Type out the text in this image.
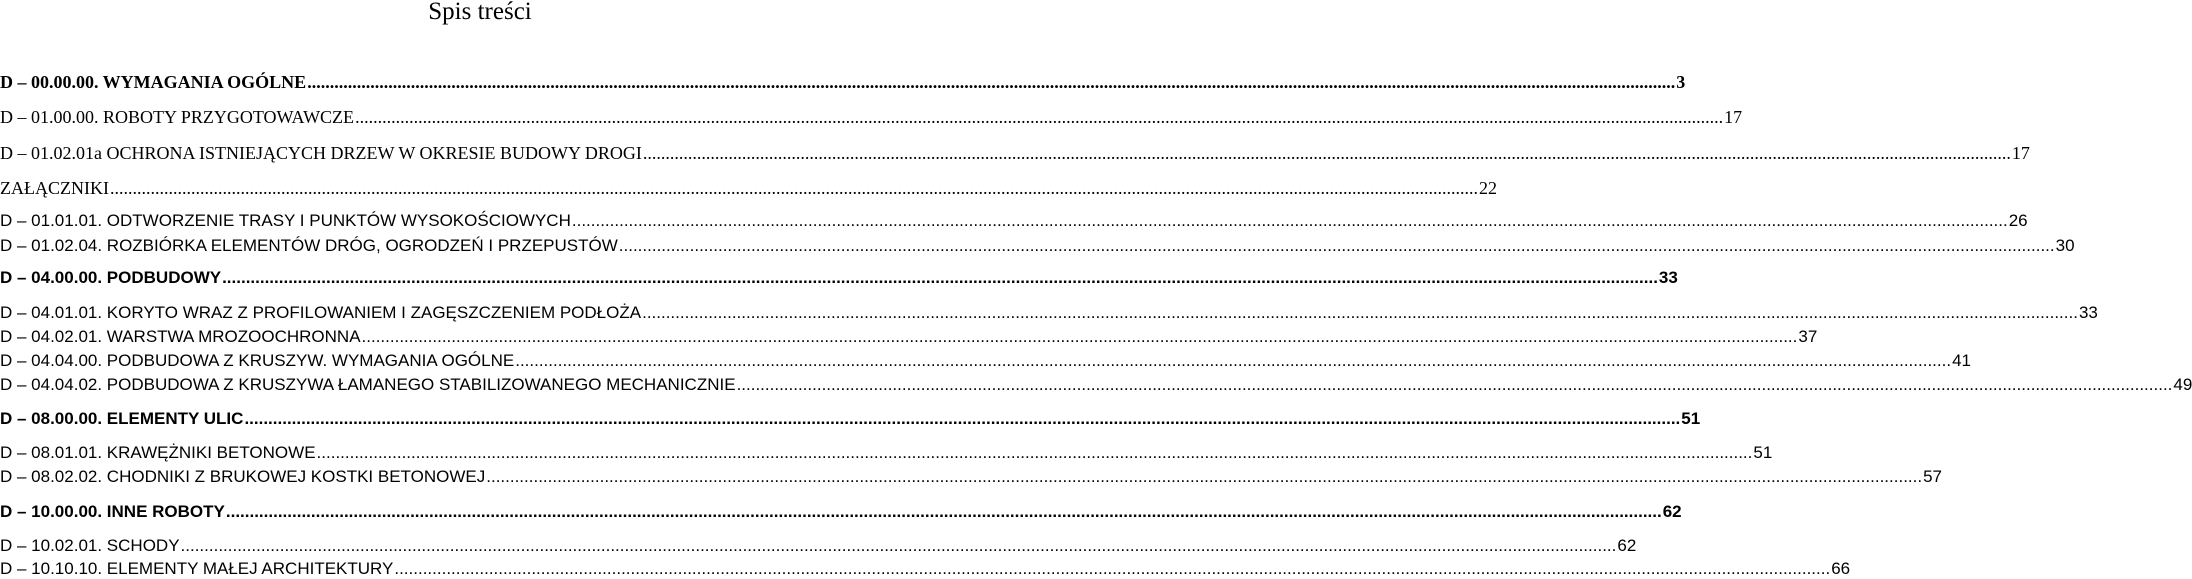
Spis treści
D – 00.00.00. WYMAGANIA OGÓLNE .....	3
D – 01.00.00. ROBOTY PRZYGOTOWAWCZE .....	17
D – 01.02.01a OCHRONA ISTNIEJĄCYCH DRZEW W OKRESIE BUDOWY DROGI .....	17
ZAŁĄCZNIKI .....	22
D – 01.01.01. ODTWORZENIE TRASY I PUNKTÓW WYSOKOŚCIOWYCH .....	26
D – 01.02.04. ROZBIÓRKA ELEMENTÓW DRÓG, OGRODZEŃ I PRZEPUSTÓW .....	30
D – 04.00.00. PODBUDOWY .....	33
D – 04.01.01. KORYTO WRAZ Z PROFILOWANIEM I ZAGĘSZCZENIEM PODŁOŻA .....	33
D – 04.02.01. WARSTWA MROZOOCHRONNA .....	37
D – 04.04.00. PODBUDOWA Z KRUSZYW. WYMAGANIA OGÓLNE .....	41
D – 04.04.02. PODBUDOWA Z KRUSZYWA ŁAMANEGO STABILIZOWANEGO MECHANICZNIE .....	49
D – 08.00.00. ELEMENTY ULIC .....	51
D – 08.01.01. KRAWĘŻNIKI BETONOWE .....	51
D – 08.02.02. CHODNIKI Z BRUKOWEJ KOSTKI BETONOWEJ .....	57
D – 10.00.00. INNE ROBOTY .....	62
D – 10.02.01. SCHODY .....	62
D – 10.10.10. ELEMENTY MAŁEJ ARCHITEKTURY .....	66
